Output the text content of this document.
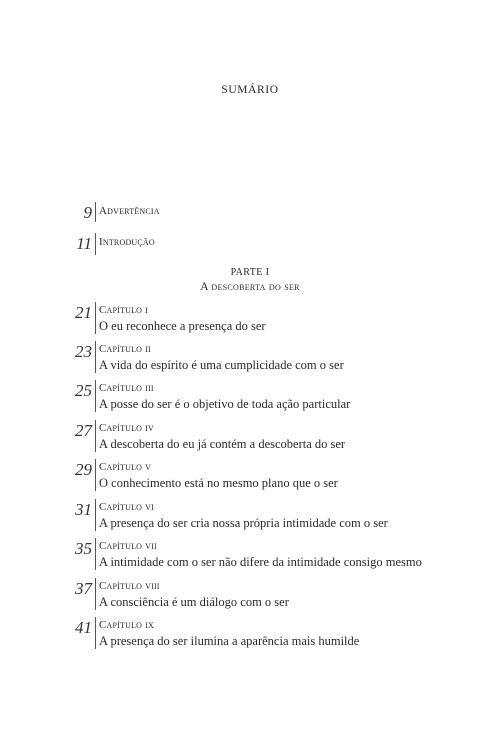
SUMÁRIO
9 Advertência
11 Introdução
PARTE I
A descoberta do ser
21 Capítulo i
O eu reconhece a presença do ser
23 Capítulo ii
A vida do espírito é uma cumplicidade com o ser
25 Capítulo iii
A posse do ser é o objetivo de toda ação particular
27 Capítulo iv
A descoberta do eu já contém a descoberta do ser
29 Capítulo v
O conhecimento está no mesmo plano que o ser
31 Capítulo vi
A presença do ser cria nossa própria intimidade com o ser
35 Capítulo vii
A intimidade com o ser não difere da intimidade consigo mesmo
37 Capítulo viii
A consciência é um diálogo com o ser
41 Capítulo ix
A presença do ser ilumina a aparência mais humilde
